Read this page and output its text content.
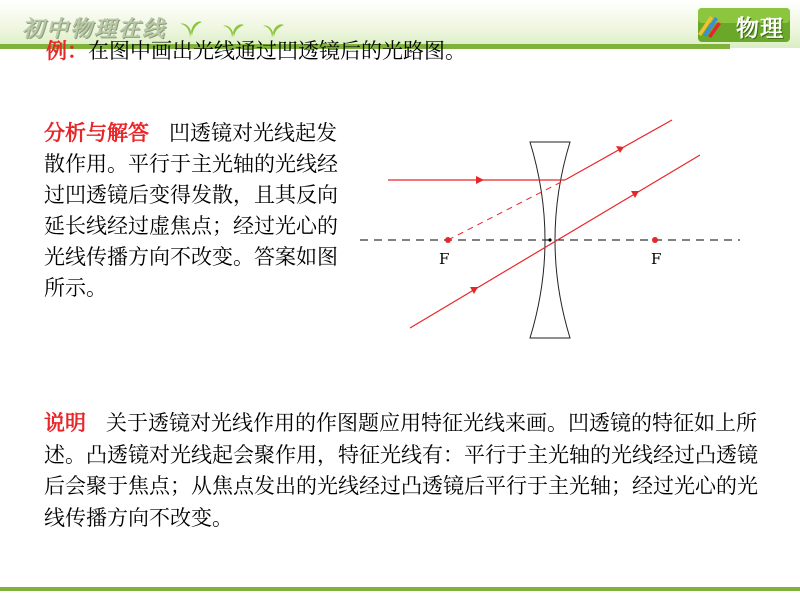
初中物理在线	物理
例：在图中画出光线通过凹透镜后的光路图。
分析与解答   凹透镜对光线起发散作用。平行于主光轴的光线经过凹透镜后变得发散，且其反向延长线经过虚焦点；经过光心的光线传播方向不改变。答案如图所示。
F	F
说明   关于透镜对光线作用的作图题应用特征光线来画。凹透镜的特征如上所述。凸透镜对光线起会聚作用，特征光线有：平行于主光轴的光线经过凸透镜后会聚于焦点；从焦点发出的光线经过凸透镜后平行于主光轴；经过光心的光线传播方向不改变。
